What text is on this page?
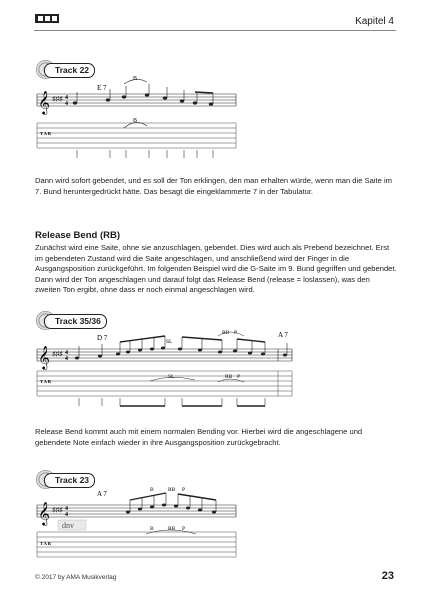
Kapitel 4
Track 22
𝄞 ♯♯♯ 4
4
E 7
B
T A B
B
𝄞 ♯♯♯ 4
4
D 7	A 7
SL
RB P
T A B
SL	RB P
𝄞 ♯♯♯ 4
4
A 7	B	RB P
T A B
B	RB P
dnv
Dann wird sofort gebendet, und es soll der Ton erklingen, den man erhalten würde, wenn man die Saite im 7. Bund heruntergedrückt hätte. Das besagt die eingeklammerte 7 in der Tabulatur.
Release Bend (RB)
Zunächst wird eine Saite, ohne sie anzuschlagen, gebendet. Dies wird auch als Prebend bezeichnet. Erst im gebendeten Zustand wird die Saite angeschlagen, und anschließend wird der Finger in die Ausgangsposition zurückgeführt. Im folgenden Beispiel wird die G-Saite im 9. Bund gegriffen und gebendet. Dann wird der Ton angeschlagen und darauf folgt das Release Bend (release = loslassen), was den zweiten Ton ergibt, ohne dass er noch einmal angeschlagen wird.
Track 35/36
Release Bend kommt auch mit einem normalen Bending vor. Hierbei wird die angeschlagene und gebendete Note einfach wieder in ihre Ausgangsposition zurückgebracht.
Track 23
© 2017 by AMA Musikverlag	23
